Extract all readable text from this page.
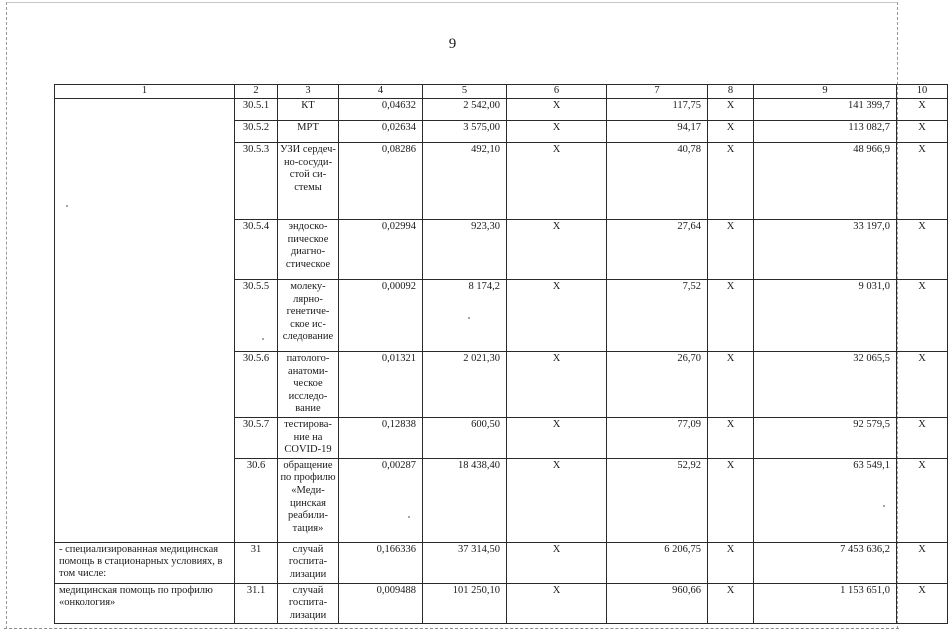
9
1	2	3	4	5	6	7	8	9	10
	30.5.1	КТ	0,04632	2 542,00	Х	117,75	Х	141 399,7	Х
	30.5.2	МРТ	0,02634	3 575,00	Х	94,17	Х	113 082,7	Х
	30.5.3	УЗИ сердечно-сосудистой системы	0,08286	492,10	Х	40,78	Х	48 966,9	Х
	30.5.4	эндоскопическое диагностическое	0,02994	923,30	Х	27,64	Х	33 197,0	Х
	30.5.5	молекулярногенетическое исследование	0,00092	8 174,2	Х	7,52	Х	9 031,0	Х
	30.5.6	патологоанатомическое исследование	0,01321	2 021,30	Х	26,70	Х	32 065,5	Х
	30.5.7	тестирование на COVID-19	0,12838	600,50	Х	77,09	Х	92 579,5	Х
	30.6	обращение по профилю «Медицинская реабилитация»	0,00287	18 438,40	Х	52,92	Х	63 549,1	Х
- специализированная медицинская помощь в стационарных условиях, в том числе:	31	случай госпитализации	0,166336	37 314,50	Х	6 206,75	Х	7 453 636,2	Х
медицинская помощь по профилю «онкология»	31.1	случай госпитализации	0,009488	101 250,10	Х	960,66	Х	1 153 651,0	Х
